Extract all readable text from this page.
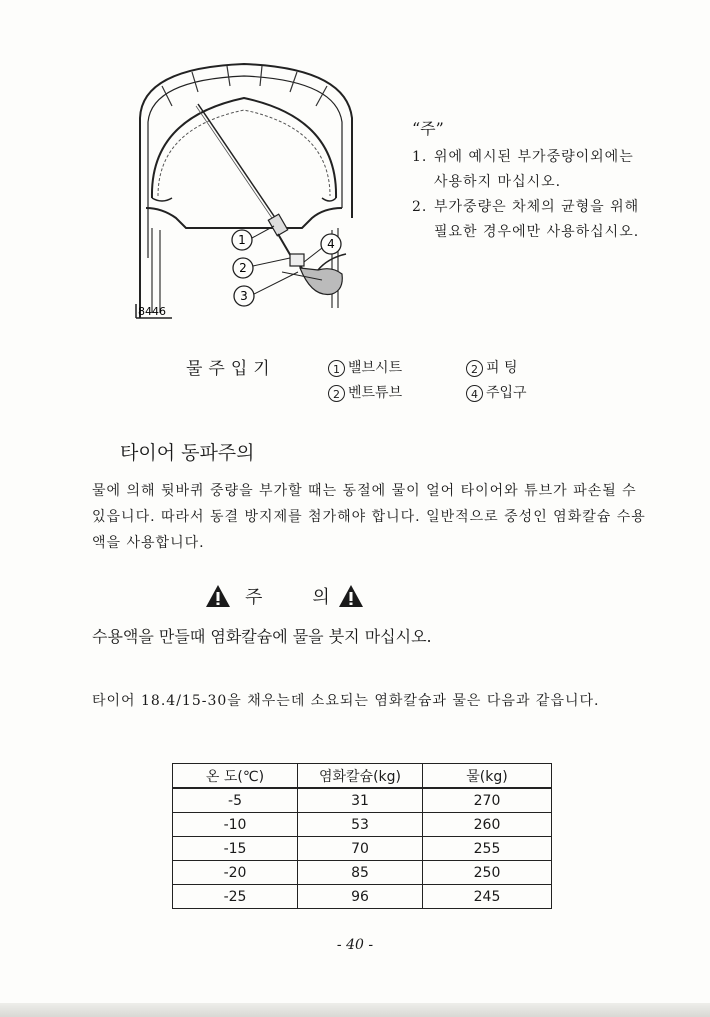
1
2
3
4
8446
“주”
1. 위에 예시된 부가중량이외에는 사용하지 마십시오.
2. 부가중량은 차체의 균형을 위해 필요한 경우에만 사용하십시오.
물주입기	1 밸브시트	2 피 팅
2 벤트튜브	4 주입구
타이어 동파주의
물에 의해 뒷바퀴 중량을 부가할 때는 동절에 물이 얼어 타이어와 튜브가 파손될 수 있읍니다. 따라서 동결 방지제를 첨가해야 합니다. 일반적으로 중성인 염화칼슘 수용액을 사용합니다.
주	의
수용액을 만들때 염화칼슘에 물을 붓지 마십시오.
타이어 18.4/15-30을 채우는데 소요되는 염화칼슘과 물은 다음과 같읍니다.
온 도(℃)	염화칼슘(kg)	물(kg)
-5	31	270
-10	53	260
-15	70	255
-20	85	250
-25	96	245
- 40 -
